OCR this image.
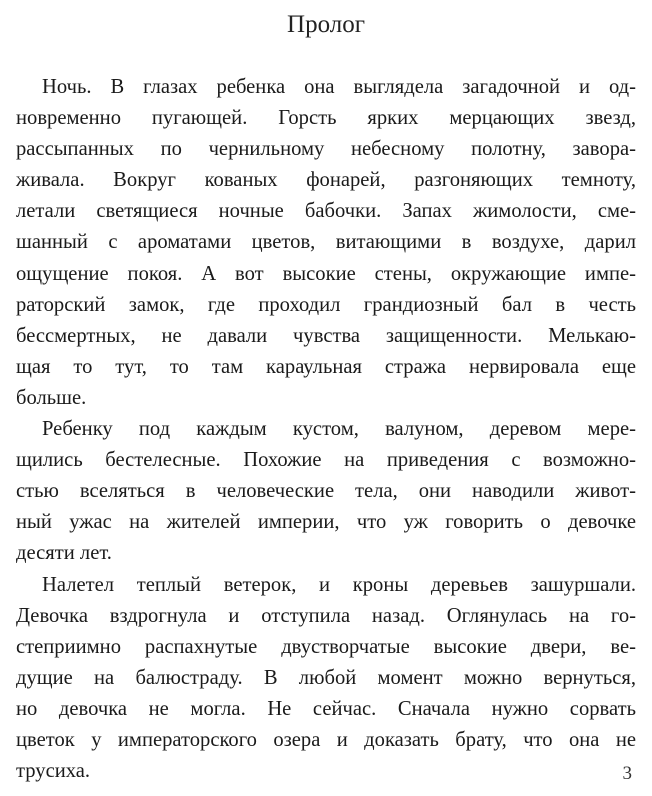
Пролог
Ночь. В глазах ребенка она выглядела загадочной и од-
новременно пугающей. Горсть ярких мерцающих звезд,
рассыпанных по чернильному небесному полотну, завора-
живала. Вокруг кованых фонарей, разгоняющих темноту,
летали светящиеся ночные бабочки. Запах жимолости, сме-
шанный с ароматами цветов, витающими в воздухе, дарил
ощущение покоя. А вот высокие стены, окружающие импе-
раторский замок, где проходил грандиозный бал в честь
бессмертных, не давали чувства защищенности. Мелькаю-
щая то тут, то там караульная стража нервировала еще
больше.
Ребенку под каждым кустом, валуном, деревом мере-
щились бестелесные. Похожие на приведения с возможно-
стью вселяться в человеческие тела, они наводили живот-
ный ужас на жителей империи, что уж говорить о девочке
десяти лет.
Налетел теплый ветерок, и кроны деревьев зашуршали.
Девочка вздрогнула и отступила назад. Оглянулась на го-
степриимно распахнутые двустворчатые высокие двери, ве-
дущие на балюстраду. В любой момент можно вернуться,
но девочка не могла. Не сейчас. Сначала нужно сорвать
цветок у императорского озера и доказать брату, что она не
трусиха.	3
